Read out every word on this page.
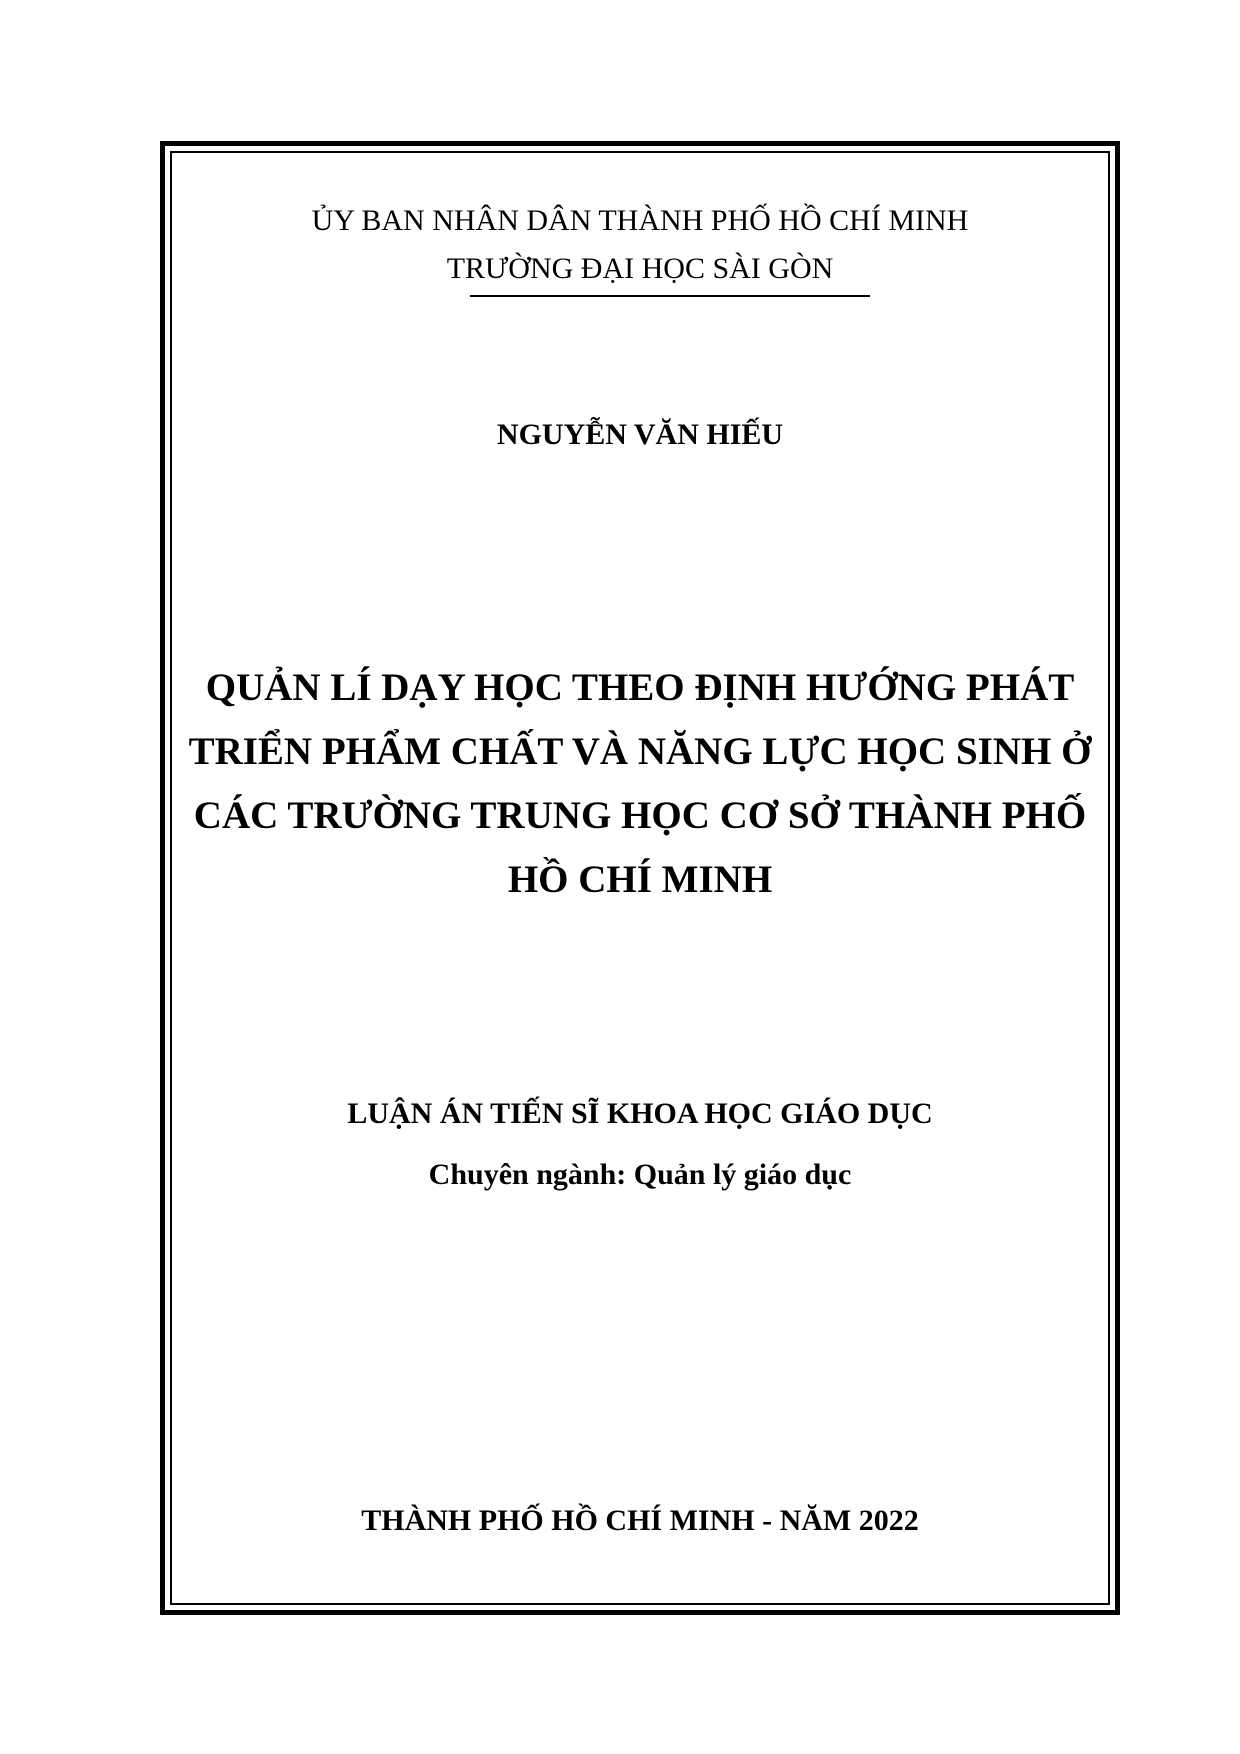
ỦY BAN NHÂN DÂN THÀNH PHỐ HỒ CHÍ MINH
TRƯỜNG ĐẠI HỌC SÀI GÒN
NGUYỄN VĂN HIẾU
QUẢN LÍ DẠY HỌC THEO ĐỊNH HƯỚNG PHÁT
TRIỂN PHẨM CHẤT VÀ NĂNG LỰC HỌC SINH Ở
CÁC TRƯỜNG TRUNG HỌC CƠ SỞ THÀNH PHỐ
HỒ CHÍ MINH
LUẬN ÁN TIẾN SĨ KHOA HỌC GIÁO DỤC
Chuyên ngành: Quản lý giáo dục
THÀNH PHỐ HỒ CHÍ MINH - NĂM 2022
